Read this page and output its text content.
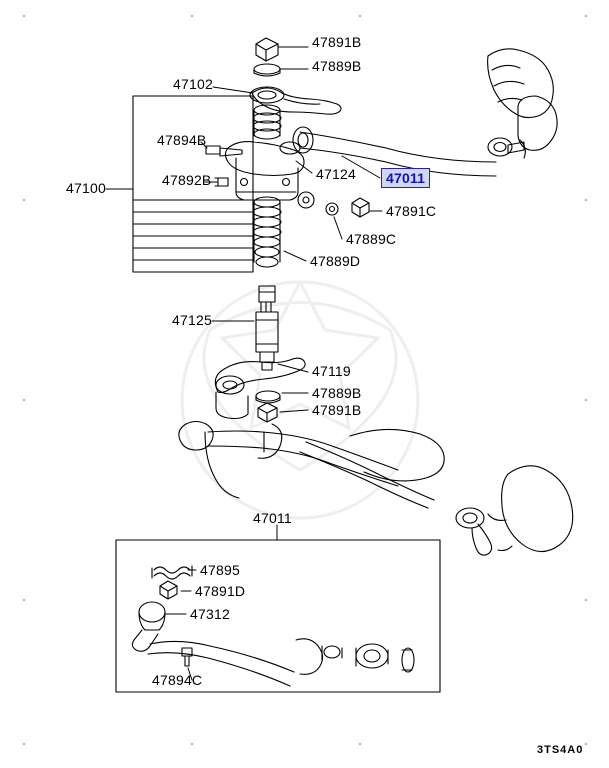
47891B
47889B
47102
47894B
47892B
47100
47124	47011
47891C
47889C
47889D
47125
47119
47889B
47891B
47011
47895
47891D
47312
47894C
3TS4A0
